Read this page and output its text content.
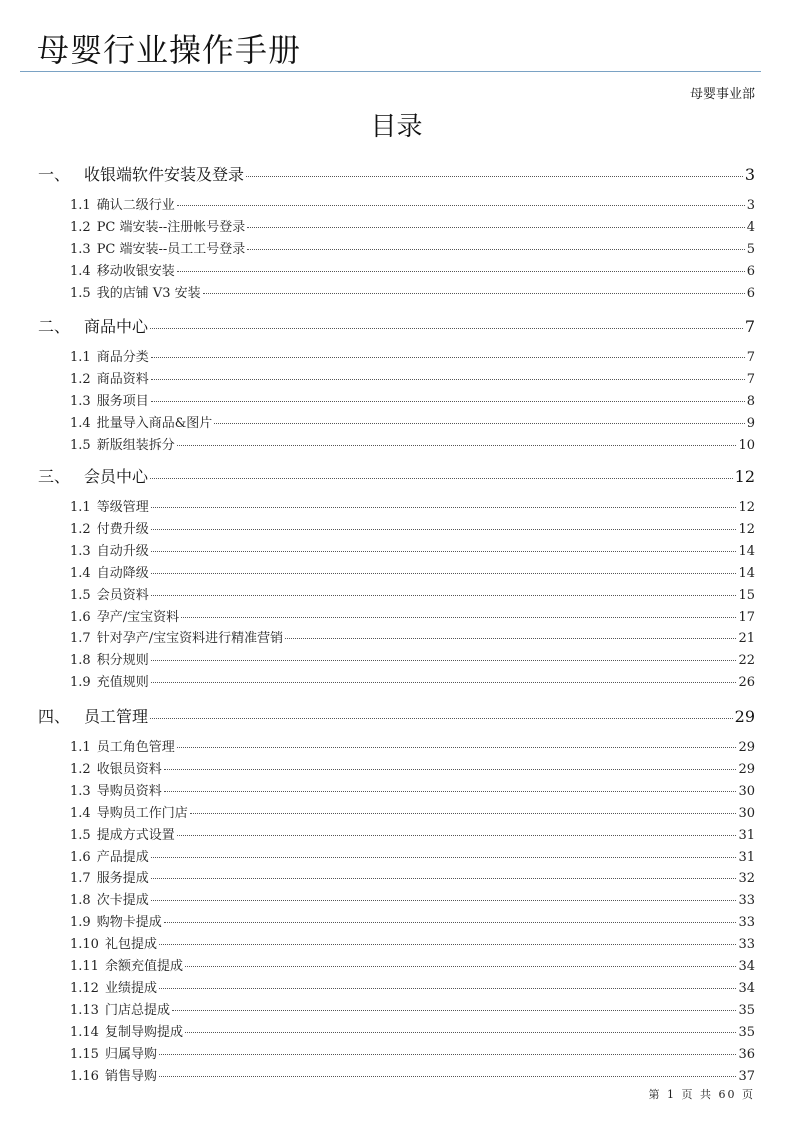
母婴行业操作手册
母婴事业部
目录
一、 收银端软件安装及登录	3
1.1 确认二级行业	3
1.2 PC 端安装--注册帐号登录	4
1.3 PC 端安装--员工工号登录	5
1.4 移动收银安装	6
1.5 我的店铺 V3 安装	6
二、 商品中心	7
1.1 商品分类	7
1.2 商品资料	7
1.3 服务项目	8
1.4 批量导入商品&图片	9
1.5 新版组装拆分	10
三、 会员中心	12
1.1 等级管理	12
1.2 付费升级	12
1.3 自动升级	14
1.4 自动降级	14
1.5 会员资料	15
1.6 孕产/宝宝资料	17
1.7 针对孕产/宝宝资料进行精准营销	21
1.8 积分规则	22
1.9 充值规则	26
四、 员工管理	29
1.1 员工角色管理	29
1.2 收银员资料	29
1.3 导购员资料	30
1.4 导购员工作门店	30
1.5 提成方式设置	31
1.6 产品提成	31
1.7 服务提成	32
1.8 次卡提成	33
1.9 购物卡提成	33
1.10 礼包提成	33
1.11 余额充值提成	34
1.12 业绩提成	34
1.13 门店总提成	35
1.14 复制导购提成	35
1.15 归属导购	36
1.16 销售导购	37
第 1 页 共 60 页
